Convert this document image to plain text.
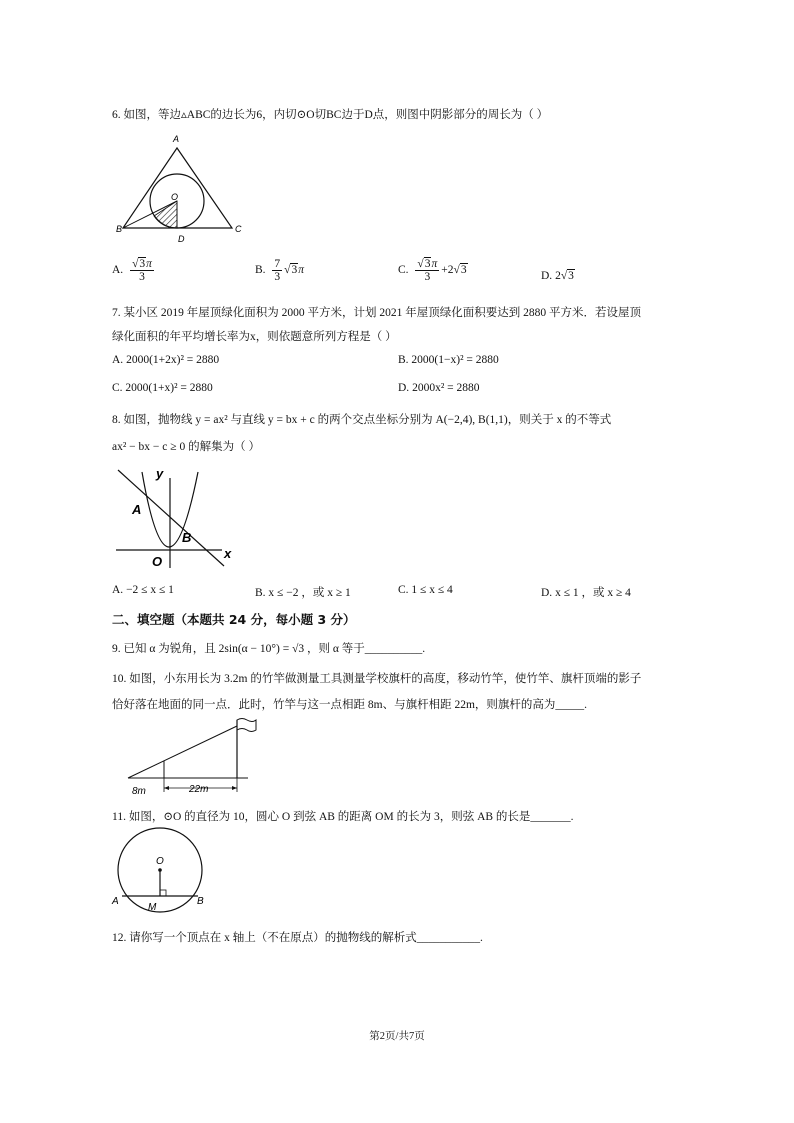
6. 如图，等边▵ABC的边长为6，内切⊙O切BC边于D点，则图中阴影部分的周长为（ ）
A
B	C
O
D
A. $\frac{√3\pi}{3}$	B. $\frac{7}{3} √3\pi$	C. $\frac{√3\pi}{3} +2√3$	D. 2√3
7. 某小区 2019 年屋顶绿化面积为 2000 平方米，计划 2021 年屋顶绿化面积要达到 2880 平方米．若设屋顶
绿化面积的年平均增长率为x，则依题意所列方程是（ ）
A. 2000(1+2x)² = 2880	B. 2000(1−x)² = 2880
C. 2000(1+x)² = 2880	D. 2000x² = 2880
8. 如图，抛物线 y = ax² 与直线 y = bx + c 的两个交点坐标分别为 A(−2,4), B(1,1)，则关于 x 的不等式
ax² − bx − c ≥ 0 的解集为（ ）
y
x
A
B
O
A. −2 ≤ x ≤ 1	B. x ≤ −2 ，或 x ≥ 1	C. 1 ≤ x ≤ 4	D. x ≤ 1 ，或 x ≥ 4
二、填空题（本题共 24 分，每小题 3 分）
9. 已知 α 为锐角，且 2sin(α − 10°) = √3 ，则 α 等于__________.
10. 如图，小东用长为 3.2m 的竹竿做测量工具测量学校旗杆的高度，移动竹竿，使竹竿、旗杆顶端的影子
恰好落在地面的同一点．此时，竹竿与这一点相距 8m、与旗杆相距 22m，则旗杆的高为_____.
8m	22m
11. 如图，⊙O 的直径为 10，圆心 O 到弦 AB 的距离 OM 的长为 3，则弦 AB 的长是_______.
O
A	B
M
12. 请你写一个顶点在 x 轴上（不在原点）的抛物线的解析式___________.
第2页/共7页
